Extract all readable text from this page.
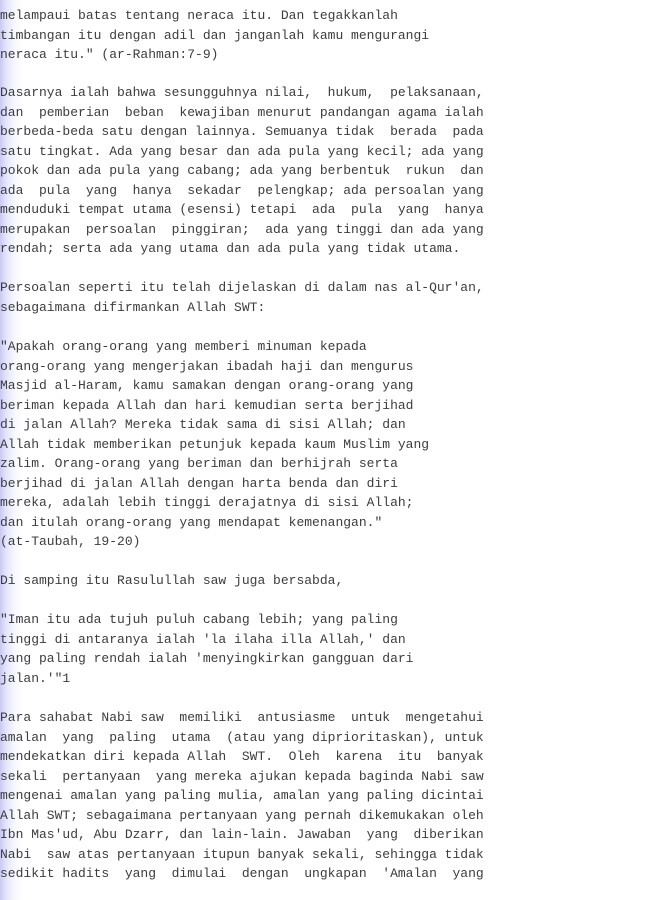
melampaui batas tentang neraca itu. Dan tegakkanlah

timbangan itu dengan adil dan janganlah kamu mengurangi

neraca itu." (ar-Rahman:7-9)

Dasarnya ialah bahwa sesungguhnya nilai,  hukum,  pelaksanaan,

dan  pemberian  beban  kewajiban menurut pandangan agama ialah

berbeda-beda satu dengan lainnya. Semuanya tidak  berada  pada

satu tingkat. Ada yang besar dan ada pula yang kecil; ada yang

pokok dan ada pula yang cabang; ada yang berbentuk  rukun  dan

ada  pula  yang  hanya  sekadar  pelengkap; ada persoalan yang

menduduki tempat utama (esensi) tetapi  ada  pula  yang  hanya

merupakan  persoalan  pinggiran;  ada yang tinggi dan ada yang

rendah; serta ada yang utama dan ada pula yang tidak utama.

Persoalan seperti itu telah dijelaskan di dalam nas al-Qur'an,

sebagaimana difirmankan Allah SWT:

"Apakah orang-orang yang memberi minuman kepada

orang-orang yang mengerjakan ibadah haji dan mengurus

Masjid al-Haram, kamu samakan dengan orang-orang yang

beriman kepada Allah dan hari kemudian serta berjihad

di jalan Allah? Mereka tidak sama di sisi Allah; dan

Allah tidak memberikan petunjuk kepada kaum Muslim yang

zalim. Orang-orang yang beriman dan berhijrah serta

berjihad di jalan Allah dengan harta benda dan diri

mereka, adalah lebih tinggi derajatnya di sisi Allah;

dan itulah orang-orang yang mendapat kemenangan."

(at-Taubah, 19-20)

Di samping itu Rasulullah saw juga bersabda,

"Iman itu ada tujuh puluh cabang lebih; yang paling

tinggi di antaranya ialah 'la ilaha illa Allah,' dan

yang paling rendah ialah 'menyingkirkan gangguan dari

jalan.'"1

Para sahabat Nabi saw  memiliki  antusiasme  untuk  mengetahui

amalan  yang  paling  utama  (atau yang diprioritaskan), untuk

mendekatkan diri kepada Allah  SWT.  Oleh  karena  itu  banyak

sekali  pertanyaan  yang mereka ajukan kepada baginda Nabi saw

mengenai amalan yang paling mulia, amalan yang paling dicintai

Allah SWT; sebagaimana pertanyaan yang pernah dikemukakan oleh

Ibn Mas'ud, Abu Dzarr, dan lain-lain. Jawaban  yang  diberikan

Nabi  saw atas pertanyaan itupun banyak sekali, sehingga tidak

sedikit hadits  yang  dimulai  dengan  ungkapan  'Amalan  yang
